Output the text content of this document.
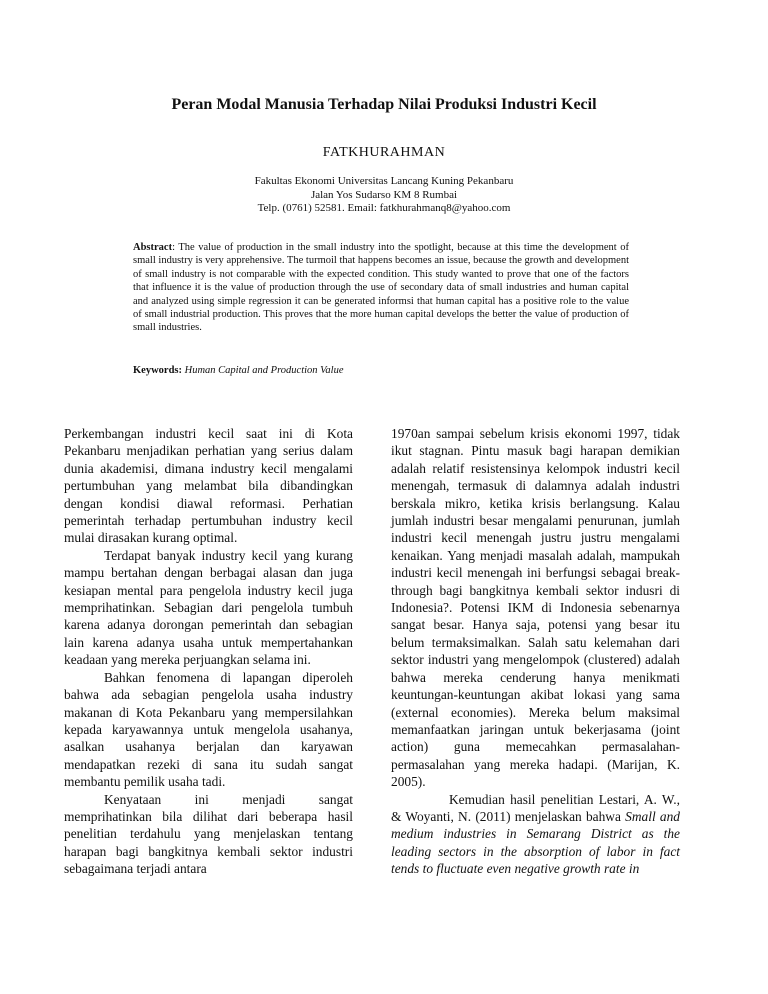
Peran Modal Manusia Terhadap Nilai Produksi Industri Kecil
FATKHURAHMAN
Fakultas Ekonomi Universitas Lancang Kuning Pekanbaru
Jalan Yos Sudarso KM 8 Rumbai
Telp. (0761) 52581. Email: fatkhurahmanq8@yahoo.com
Abstract: The value of production in the small industry into the spotlight, because at this time the development of small industry is very apprehensive. The turmoil that happens becomes an issue, because the growth and development of small industry is not comparable with the expected condition. This study wanted to prove that one of the factors that influence it is the value of production through the use of secondary data of small industries and human capital and analyzed using simple regression it can be generated informsi that human capital has a positive role to the value of small industrial production. This proves that the more human capital develops the better the value of production of small industries.
Keywords: Human Capital and Production Value

Perkembangan industri kecil saat ini di Kota Pekanbaru menjadikan perhatian yang serius dalam dunia akademisi, dimana industry kecil mengalami pertumbuhan yang melambat bila dibandingkan dengan kondisi diawal reformasi. Perhatian pemerintah terhadap pertumbuhan industry kecil mulai dirasakan kurang optimal.

Terdapat banyak industry kecil yang kurang mampu bertahan dengan berbagai alasan dan juga kesiapan mental para pengelola industry kecil juga memprihatinkan. Sebagian dari pengelola tumbuh karena adanya dorongan pemerintah dan sebagian lain karena adanya usaha untuk mempertahankan keadaan yang mereka perjuangkan selama ini.

Bahkan fenomena di lapangan diperoleh bahwa ada sebagian pengelola usaha industry makanan di Kota Pekanbaru yang mempersilahkan kepada karyawannya untuk mengelola usahanya, asalkan usahanya berjalan dan karyawan mendapatkan rezeki di sana itu sudah sangat membantu pemilik usaha tadi.

Kenyataan ini menjadi sangat memprihatinkan bila dilihat dari beberapa hasil penelitian terdahulu yang menjelaskan tentang harapan bagi bangkitnya kembali sektor industri sebagaimana terjadi antara

1970an sampai sebelum krisis ekonomi 1997, tidak ikut stagnan. Pintu masuk bagi harapan demikian adalah relatif resistensinya kelompok industri kecil menengah, termasuk di dalamnya adalah industri berskala mikro, ketika krisis berlangsung. Kalau jumlah industri besar mengalami penurunan, jumlah industri kecil menengah justru justru mengalami kenaikan. Yang menjadi masalah adalah, mampukah industri kecil menengah ini berfungsi sebagai break-through bagi bangkitnya kembali sektor indusri di Indonesia?. Potensi IKM di Indonesia sebenarnya sangat besar. Hanya saja, potensi yang besar itu belum termaksimalkan. Salah satu kelemahan dari sektor industri yang mengelompok (clustered) adalah bahwa mereka cenderung hanya menikmati keuntungan-keuntungan akibat lokasi yang sama (external economies). Mereka belum maksimal memanfaatkan jaringan untuk bekerjasama (joint action) guna memecahkan permasalahan-permasalahan yang mereka hadapi. (Marijan, K. 2005).

Kemudian hasil penelitian Lestari, A. W., & Woyanti, N. (2011) menjelaskan bahwa Small and medium industries in Semarang District as the leading sectors in the absorption of labor in fact tends to fluctuate even negative growth rate in
